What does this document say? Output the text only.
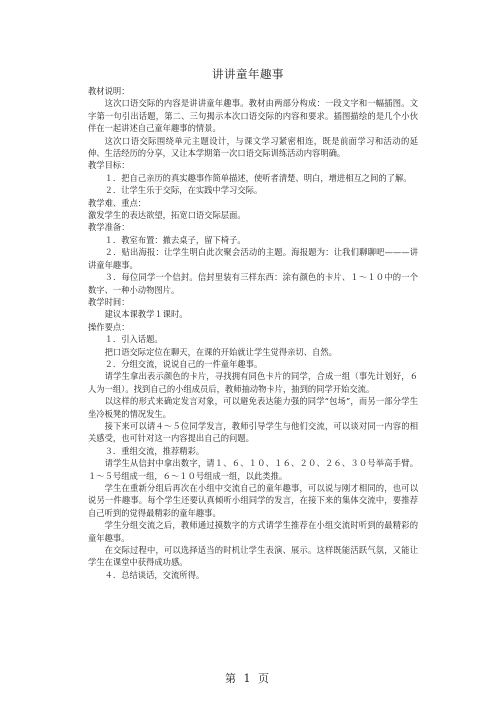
讲讲童年趣事

教材说明：

这次口语交际的内容是讲讲童年趣事。教材由两部分构成：一段文字和一幅插图。文字第一句引出话题，第二、三句揭示本次口语交际的内容和要求。插图描绘的是几个小伙伴在一起讲述自己童年趣事的情景。

这次口语交际围绕单元主题设计，与课文学习紧密相连，既是前面学习和活动的延伸、生活经历的分享，又让本学期第一次口语交际训练活动内容明确。

教学目标：

１．把自己亲历的真实趣事作简单描述，使听者清楚、明白，增进相互之间的了解。

２．让学生乐于交际，在实践中学习交际。

教学难、重点：

激发学生的表达欲望，拓宽口语交际层面。

教学准备：

１．教室布置：撤去桌子，留下椅子。

２．贴出海报：让学生明白此次聚会活动的主题。海报题为：让我们聊聊吧———讲讲童年趣事。

３．每位同学一个信封。信封里装有三样东西：涂有颜色的卡片、１～１０中的一个数字、一种小动物图片。

教学时间：

建议本课教学１课时。

操作要点：

１．引入话题。

把口语交际定位在聊天，在课的开始就让学生觉得亲切、自然。

２．分组交流，说说自己的一件童年趣事。

请学生拿出表示颜色的卡片，寻找拥有同色卡片的同学，合成一组（事先计划好，６人为一组）。找到自己的小组成员后，教师抽动物卡片，抽到的同学开始交流。

以这样的形式来确定发言对象，可以避免表达能力强的同学“包场”，而另一部分学生坐冷板凳的情况发生。

接下来可以请４～５位同学发言，教师引导学生与他们交流，可以谈对同一内容的相关感受，也可针对这一内容提出自己的问题。

３．重组交流，推荐精彩。

请学生从信封中拿出数字，请１、６、１０、１６、２０、２６、３０号举高手臂。１～５号组成一组，６～１０号组成一组，以此类推。

学生在重新分组后再次在小组中交流自己的童年趣事，可以说与刚才相同的，也可以说另一件趣事。每个学生还要认真倾听小组同学的发言，在接下来的集体交流中，要推荐自己听到的觉得最精彩的童年趣事。

学生分组交流之后，教师通过摸数字的方式请学生推荐在小组交流时听到的最精彩的童年趣事。

在交际过程中，可以选择适当的时机让学生表演、展示。这样既能活跃气氛，又能让学生在课堂中获得成功感。

４．总结谈话，交流所得。

第 1 页
